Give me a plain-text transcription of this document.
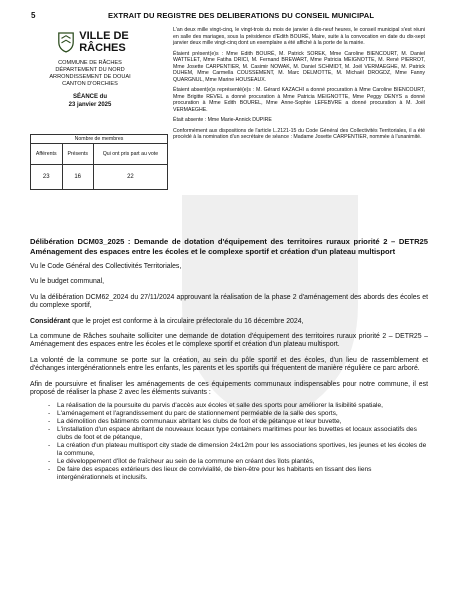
5	EXTRAIT DU REGISTRE DES DELIBERATIONS DU CONSEIL MUNICIPAL
VILLE DE
RÂCHES
COMMUNE DE RÂCHES
DÉPARTEMENT DU NORD
ARRONDISSEMENT DE DOUAI
CANTON D'ORCHIES
SÉANCE du
23 janvier 2025
Nombre de membres		
Afférents	Présents	Qui ont pris part au vote
23	16	22

L'an deux mille vingt-cinq, le vingt-trois du mois de janvier à dix-neuf heures, le conseil municipal s'est réuni en salle des mariages, sous la présidence d'Edith BOURÉ, Maire, suite à la convocation en date du dix-sept janvier deux mille vingt-cinq dont un exemplaire a été affiché à la porte de la mairie.

Étaient présent(e)s : Mme Edith BOURÉ, M. Patrick SOREK, Mme Caroline BIENCOURT, M. Daniel WATTELET, Mme Fatiha DRICI, M. Fernand BREWART, Mme Patricia MEIGNOTTE, M. René PIERROT, Mme Josette CARPENTIER, M. Casimir NOWAK, M. Daniel SCHMIDT, M. Joël VERMAEGHE, M. Patrick DUHEM, Mme Carmella COUSSEMENT, M. Marc DELMOTTE, M. Michaël DROGDZ, Mme Fanny QUARGNUL, Mme Marine HOUSEAUX.

Étaient absent(e)s représenté(e)s : M. Gérard KAZACHI a donné procuration à Mme Caroline BIENCOURT, Mme Brigitte REVEL a donné procuration à Mme Patricia MEIGNOTTE, Mme Peggy DENYS a donné procuration à Mme Edith BOUREL, Mme Anne-Sophie LEFEBVRE a donné procuration à M. Joël VERMAEGHE.

Était absente : Mme Marie-Annick DUPIRE

Conformément aux dispositions de l'article L.2121-15 du Code Général des Collectivités Territoriales, il a été procédé à la nomination d'un secrétaire de séance : Madame Josette CARPENTIER, nommée à l'unanimité.

Délibération DCM03_2025 : Demande de dotation d'équipement des territoires ruraux priorité 2 – DETR25 Aménagement des espaces entre les écoles et le complexe sportif et création d'un plateau multisport

Vu le Code Général des Collectivités Territoriales,

Vu le budget communal,

Vu la délibération DCM62_2024 du 27/11/2024 approuvant la réalisation de la phase 2 d'aménagement des abords des écoles et du complexe sportif,

Considérant que le projet est conforme à la circulaire préfectorale du 16 décembre 2024,

La commune de Râches souhaite solliciter une demande de dotation d'équipement des territoires ruraux priorité 2 – DETR25 – Aménagement des espaces entre les écoles et le complexe sportif et création d'un plateau multisport.

La volonté de la commune se porte sur la création, au sein du pôle sportif et des écoles, d'un lieu de rassemblement et d'échanges intergénérationnels entre les enfants, les parents et les sportifs qui fréquentent de manière régulière ce parc arboré.

Afin de poursuivre et finaliser les aménagements de ces équipements communaux indispensables pour notre commune, il est proposé de réaliser la phase 2 avec les éléments suivants :

- La réalisation de la poursuite du parvis d'accès aux écoles et salle des sports pour améliorer la lisibilité spatiale,
- L'aménagement et l'agrandissement du parc de stationnement perméable de la salle des sports,
- La démolition des bâtiments communaux abritant les clubs de foot et de pétanque et leur buvette,
- L'installation d'un espace abritant de nouveaux locaux type containers maritimes pour les buvettes et locaux associatifs des clubs de foot et de pétanque,
- La création d'un plateau multisport city stade de dimension 24x12m pour les associations sportives, les jeunes et les écoles de la commune,
- Le développement d'îlot de fraîcheur au sein de la commune en créant des îlots plantés,
- De faire des espaces extérieurs des lieux de convivialité, de bien-être pour les habitants en tissant des liens intergénérationnels et inclusifs.
